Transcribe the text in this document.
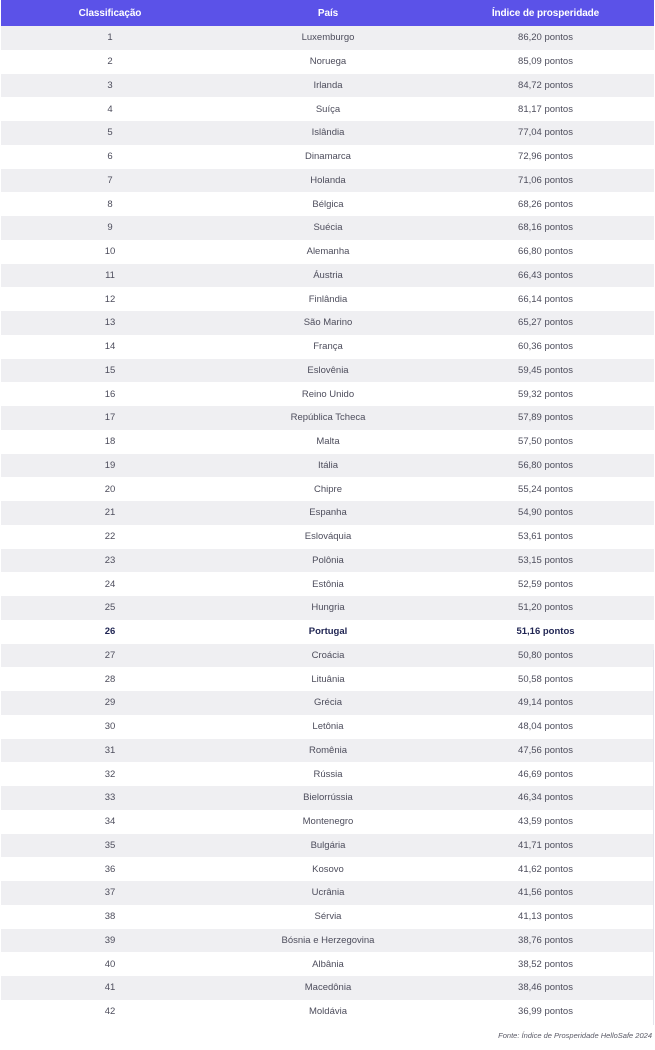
Classificação	País	Índice de prosperidade
1	Luxemburgo	86,20 pontos
2	Noruega	85,09 pontos
3	Irlanda	84,72 pontos
4	Suíça	81,17 pontos
5	Islândia	77,04 pontos
6	Dinamarca	72,96 pontos
7	Holanda	71,06 pontos
8	Bélgica	68,26 pontos
9	Suécia	68,16 pontos
10	Alemanha	66,80 pontos
11	Áustria	66,43 pontos
12	Finlândia	66,14 pontos
13	São Marino	65,27 pontos
14	França	60,36 pontos
15	Eslovênia	59,45 pontos
16	Reino Unido	59,32 pontos
17	República Tcheca	57,89 pontos
18	Malta	57,50 pontos
19	Itália	56,80 pontos
20	Chipre	55,24 pontos
21	Espanha	54,90 pontos
22	Eslováquia	53,61 pontos
23	Polônia	53,15 pontos
24	Estônia	52,59 pontos
25	Hungria	51,20 pontos
26	Portugal	51,16 pontos
27	Croácia	50,80 pontos
28	Lituânia	50,58 pontos
29	Grécia	49,14 pontos
30	Letônia	48,04 pontos
31	Romênia	47,56 pontos
32	Rússia	46,69 pontos
33	Bielorrússia	46,34 pontos
34	Montenegro	43,59 pontos
35	Bulgária	41,71 pontos
36	Kosovo	41,62 pontos
37	Ucrânia	41,56 pontos
38	Sérvia	41,13 pontos
39	Bósnia e Herzegovina	38,76 pontos
40	Albânia	38,52 pontos
41	Macedônia	38,46 pontos
42	Moldávia	36,99 pontos
Fonte: Índice de Prosperidade HelloSafe 2024
